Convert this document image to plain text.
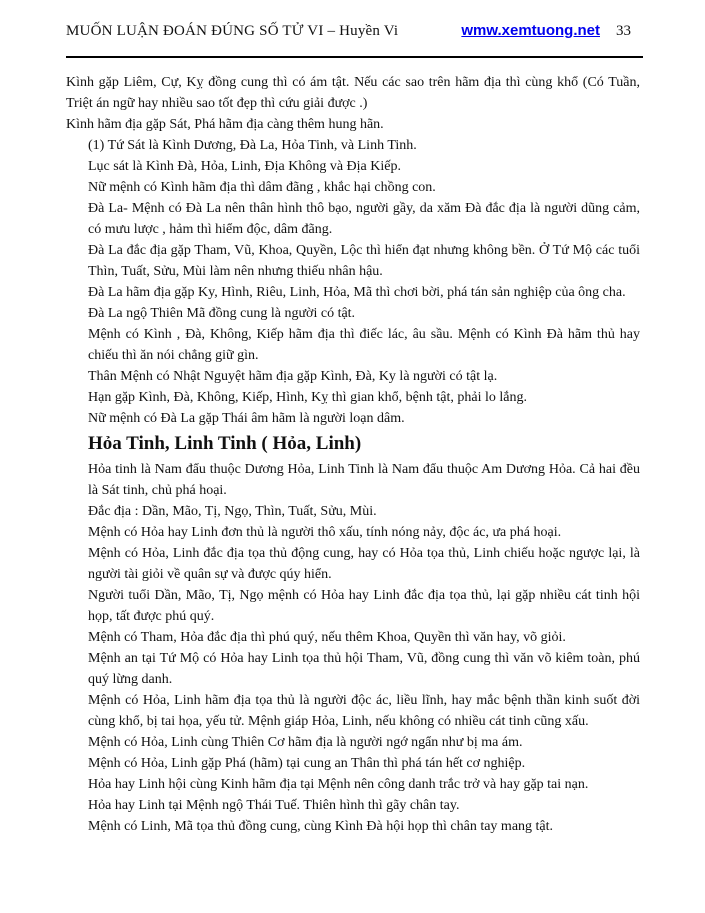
MUỐN LUẬN ĐOÁN ĐÚNG SỐ TỬ VI – Huyền Vi	wmw.xemtuong.net 33

Kình gặp Liêm, Cự, Kỵ đồng cung thì có ám tật. Nếu các sao trên hãm địa thì cùng khổ (Có Tuần, Triệt án ngữ hay nhiều sao tốt đẹp thì cứu giải được .)

Kình hãm địa gặp Sát, Phá hãm địa càng thêm hung hãn.

(1) Tứ Sát là Kình Dương, Đà La, Hỏa Tinh, và Linh Tinh.

Lục sát là Kình Đà, Hỏa, Linh, Địa Không và Địa Kiếp.

Nữ mệnh có Kình hãm địa thì dâm đãng , khắc hại chồng con.

Đà La- Mệnh có Đà La nên thân hình thô bạo, người gầy, da xăm Đà đắc địa là người dũng cảm, có mưu lược , hảm thì hiểm độc, dâm đãng.

Đà La đắc địa gặp Tham, Vũ, Khoa, Quyền, Lộc thì hiển đạt nhưng không bền. Ở Tứ Mộ các tuổi Thìn, Tuất, Sửu, Mùi làm nên nhưng thiếu nhân hậu.

Đà La hãm địa gặp Ky, Hình, Riêu, Linh, Hỏa, Mã thì chơi bời, phá tán sản nghiệp của ông cha.

Đà La ngộ Thiên Mã đồng cung là người có tật.

Mệnh có Kình , Đà, Không, Kiếp hãm địa thì điếc lác, âu sầu. Mệnh có Kình Đà hãm thủ hay chiếu thì ăn nói chẳng giữ gìn.

Thân Mệnh có Nhật Nguyệt hãm địa gặp Kình, Đà, Ky là người có tật lạ.

Hạn gặp Kình, Đà, Không, Kiếp, Hình, Kỵ thì gian khổ, bệnh tật, phải lo lắng.

Nữ mệnh có Đà La gặp Thái âm hãm là người loạn dâm.

Hỏa Tinh, Linh Tinh ( Hỏa, Linh)

Hỏa tinh là Nam đẩu thuộc Dương Hỏa, Linh Tinh là Nam đẩu thuộc Am Dương Hỏa. Cả hai đều là Sát tinh, chủ phá hoại.

Đắc địa : Dần, Mão, Tị, Ngọ, Thìn, Tuất, Sửu, Mùi.

Mệnh có Hỏa hay Linh đơn thủ là người thô xấu, tính nóng nảy, độc ác, ưa phá hoại.

Mệnh có Hỏa, Linh đắc địa tọa thủ động cung, hay có Hỏa tọa thủ, Linh chiếu hoặc ngược lại, là người tài giỏi về quân sự và được qúy hiển.

Người tuổi Dần, Mão, Tị, Ngọ mệnh có Hỏa hay Linh đắc địa tọa thủ, lại gặp nhiều cát tinh hội họp, tất được phú quý.

Mệnh có Tham, Hỏa đắc địa thì phú quý, nếu thêm Khoa, Quyền thì văn hay, võ giỏi.

Mệnh an tại Tứ Mộ có Hỏa hay Linh tọa thủ hội Tham, Vũ, đồng cung thì văn võ kiêm toàn, phú quý lừng danh.

Mệnh có Hỏa, Linh hãm địa tọa thủ là người độc ác, liều lĩnh, hay mắc bệnh thần kinh suốt đời cùng khổ, bị tai họa, yếu tử. Mệnh giáp Hỏa, Linh, nếu không có nhiều cát tinh cũng xấu.

Mệnh có Hỏa, Linh cùng Thiên Cơ hãm địa là người ngớ ngẩn như bị ma ám.

Mệnh có Hỏa, Linh gặp Phá (hãm) tại cung an Thân thì phá tán hết cơ nghiệp.

Hỏa hay Linh hội cùng Kinh hãm địa tại Mệnh nên công danh trắc trở và hay gặp tai nạn.

Hỏa hay Linh tại Mệnh ngộ Thái Tuế. Thiên hình thì gãy chân tay.

Mệnh có Linh, Mã tọa thủ đồng cung, cùng Kình Đà hội họp thì chân tay mang tật.
